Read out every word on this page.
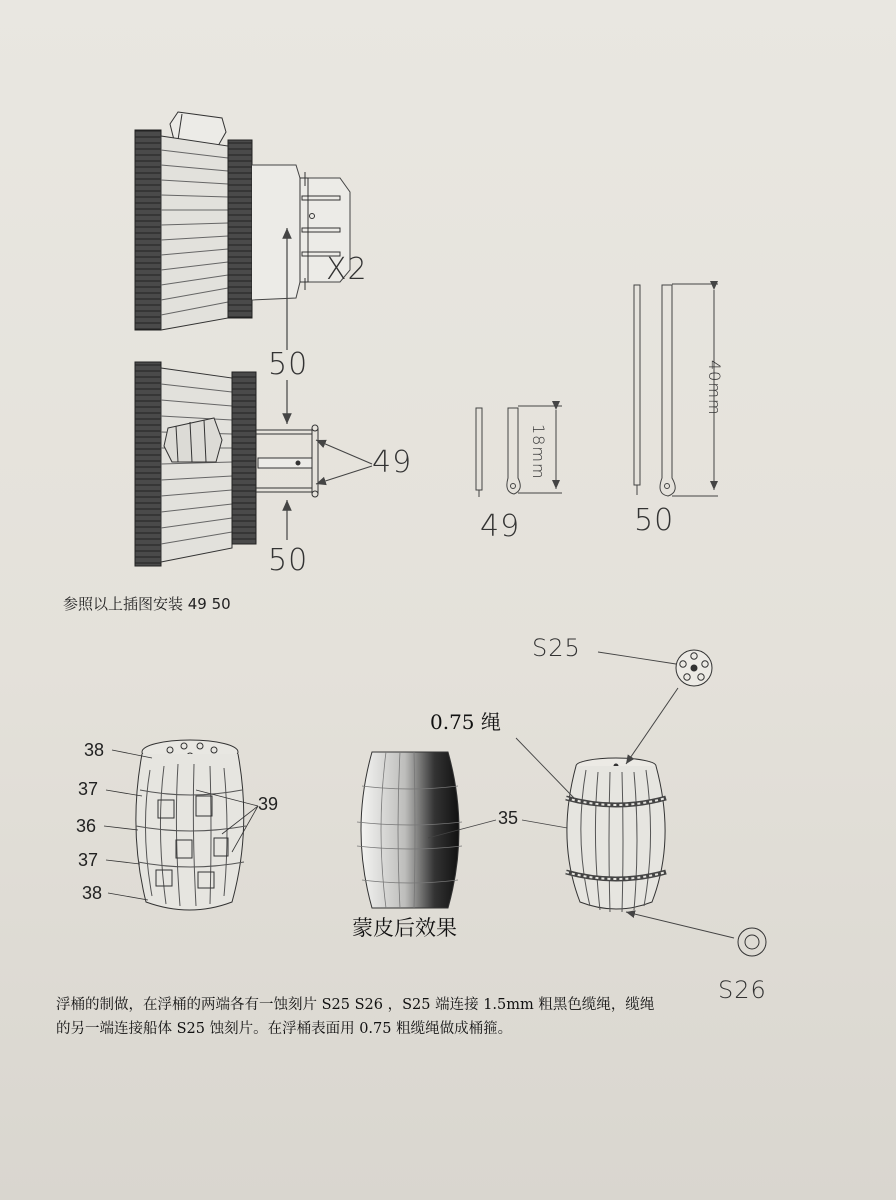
X2
50
49
50
18mm
40mm
49	50
参照以上插图安装 49 50
38
37
36
37
38
39
0.75 绳
35
S25
S26
蒙皮后效果

浮桶的制做，在浮桶的两端各有一蚀刻片 S25 S26 ，S25 端连接 1.5mm 粗黑色缆绳，缆绳

的另一端连接船体 S25 蚀刻片。在浮桶表面用 0.75 粗缆绳做成桶箍。
